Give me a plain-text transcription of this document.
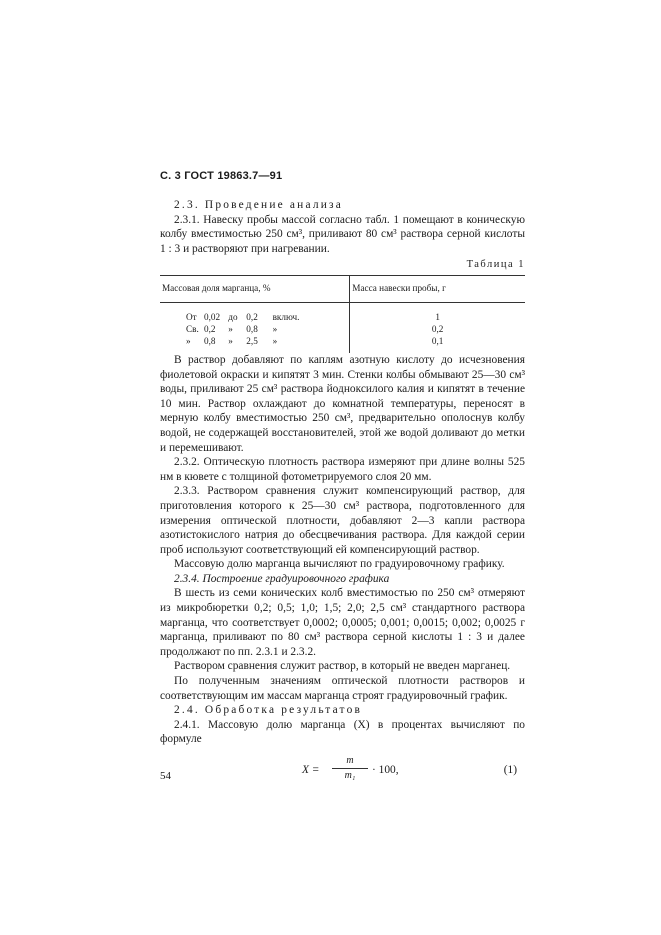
С. 3 ГОСТ 19863.7—91

2.3. Проведение анализа

2.3.1. Навеску пробы массой согласно табл. 1 помещают в коническую колбу вместимостью 250 см³, приливают 80 см³ раствора серной кислоты 1 : 3 и растворяют при нагревании.

Таблица 1
Массовая доля марганца, %	Масса навески пробы, г
От 0,02 до 0,2 включ.	1
Св. 0,2 » 0,8 »	0,2
» 0,8 » 2,5 »	0,1

В раствор добавляют по каплям азотную кислоту до исчезновения фиолетовой окраски и кипятят 3 мин. Стенки колбы обмывают 25—30 см³ воды, приливают 25 см³ раствора йодноксилого калия и кипятят в течение 10 мин. Раствор охлаждают до комнатной температуры, переносят в мерную колбу вместимостью 250 см³, предварительно ополоснув колбу водой, не содержащей восстановителей, этой же водой доливают до метки и перемешивают.

2.3.2. Оптическую плотность раствора измеряют при длине волны 525 нм в кювете с толщиной фотометрируемого слоя 20 мм.

2.3.3. Раствором сравнения служит компенсирующий раствор, для приготовления которого к 25—30 см³ раствора, подготовленного для измерения оптической плотности, добавляют 2—3 капли раствора азотистокислого натрия до обесцвечивания раствора. Для каждой серии проб используют соответствующий ей компенсирующий раствор.

Массовую долю марганца вычисляют по градуировочному графику.

2.3.4. Построение градуировочного графика

В шесть из семи конических колб вместимостью по 250 см³ отмеряют из микробюретки 0,2; 0,5; 1,0; 1,5; 2,0; 2,5 см³ стандартного раствора марганца, что соответствует 0,0002; 0,0005; 0,001; 0,0015; 0,002; 0,0025 г марганца, приливают по 80 см³ раствора серной кислоты 1 : 3 и далее продолжают по пп. 2.3.1 и 2.3.2.

Раствором сравнения служит раствор, в который не введен марганец.

По полученным значениям оптической плотности растворов и соответствующим им массам марганца строят градуировочный график.

2.4. Обработка результатов

2.4.1. Массовую долю марганца (X) в процентах вычисляют по формуле

X =
m
m₁	· 100,	(1)
54
